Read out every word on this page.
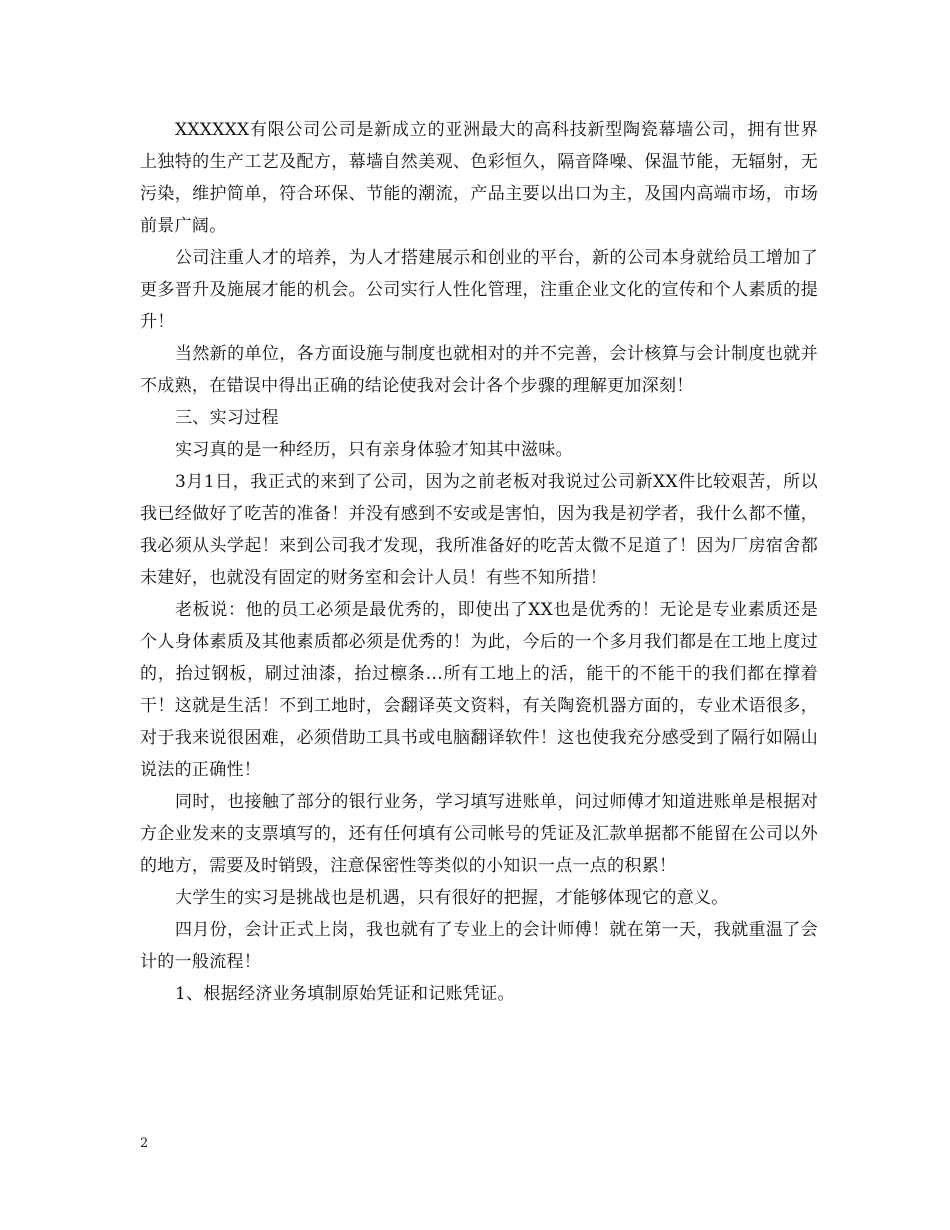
XXXXXX有限公司公司是新成立的亚洲最大的高科技新型陶瓷幕墙公司，拥有世界上独特的生产工艺及配方，幕墙自然美观、色彩恒久，隔音降噪、保温节能，无辐射，无污染，维护简单，符合环保、节能的潮流，产品主要以出口为主，及国内高端市场，市场前景广阔。

公司注重人才的培养，为人才搭建展示和创业的平台，新的公司本身就给员工增加了更多晋升及施展才能的机会。公司实行人性化管理，注重企业文化的宣传和个人素质的提升！

当然新的单位，各方面设施与制度也就相对的并不完善，会计核算与会计制度也就并不成熟，在错误中得出正确的结论使我对会计各个步骤的理解更加深刻！

三、实习过程

实习真的是一种经历，只有亲身体验才知其中滋味。

3月1日，我正式的来到了公司，因为之前老板对我说过公司新XX件比较艰苦，所以我已经做好了吃苦的准备！并没有感到不安或是害怕，因为我是初学者，我什么都不懂，我必须从头学起！来到公司我才发现，我所准备好的吃苦太微不足道了！因为厂房宿舍都未建好，也就没有固定的财务室和会计人员！有些不知所措！

老板说：他的员工必须是最优秀的，即使出了XX也是优秀的！无论是专业素质还是个人身体素质及其他素质都必须是优秀的！为此，今后的一个多月我们都是在工地上度过的，抬过钢板，刷过油漆，抬过檩条...所有工地上的活，能干的不能干的我们都在撑着干！这就是生活！不到工地时，会翻译英文资料，有关陶瓷机器方面的，专业术语很多，对于我来说很困难，必须借助工具书或电脑翻译软件！这也使我充分感受到了隔行如隔山说法的正确性！

同时，也接触了部分的银行业务，学习填写进账单，问过师傅才知道进账单是根据对方企业发来的支票填写的，还有任何填有公司帐号的凭证及汇款单据都不能留在公司以外的地方，需要及时销毁，注意保密性等类似的小知识一点一点的积累！

大学生的实习是挑战也是机遇，只有很好的把握，才能够体现它的意义。

四月份，会计正式上岗，我也就有了专业上的会计师傅！就在第一天，我就重温了会计的一般流程！

1、根据经济业务填制原始凭证和记账凭证。

2
